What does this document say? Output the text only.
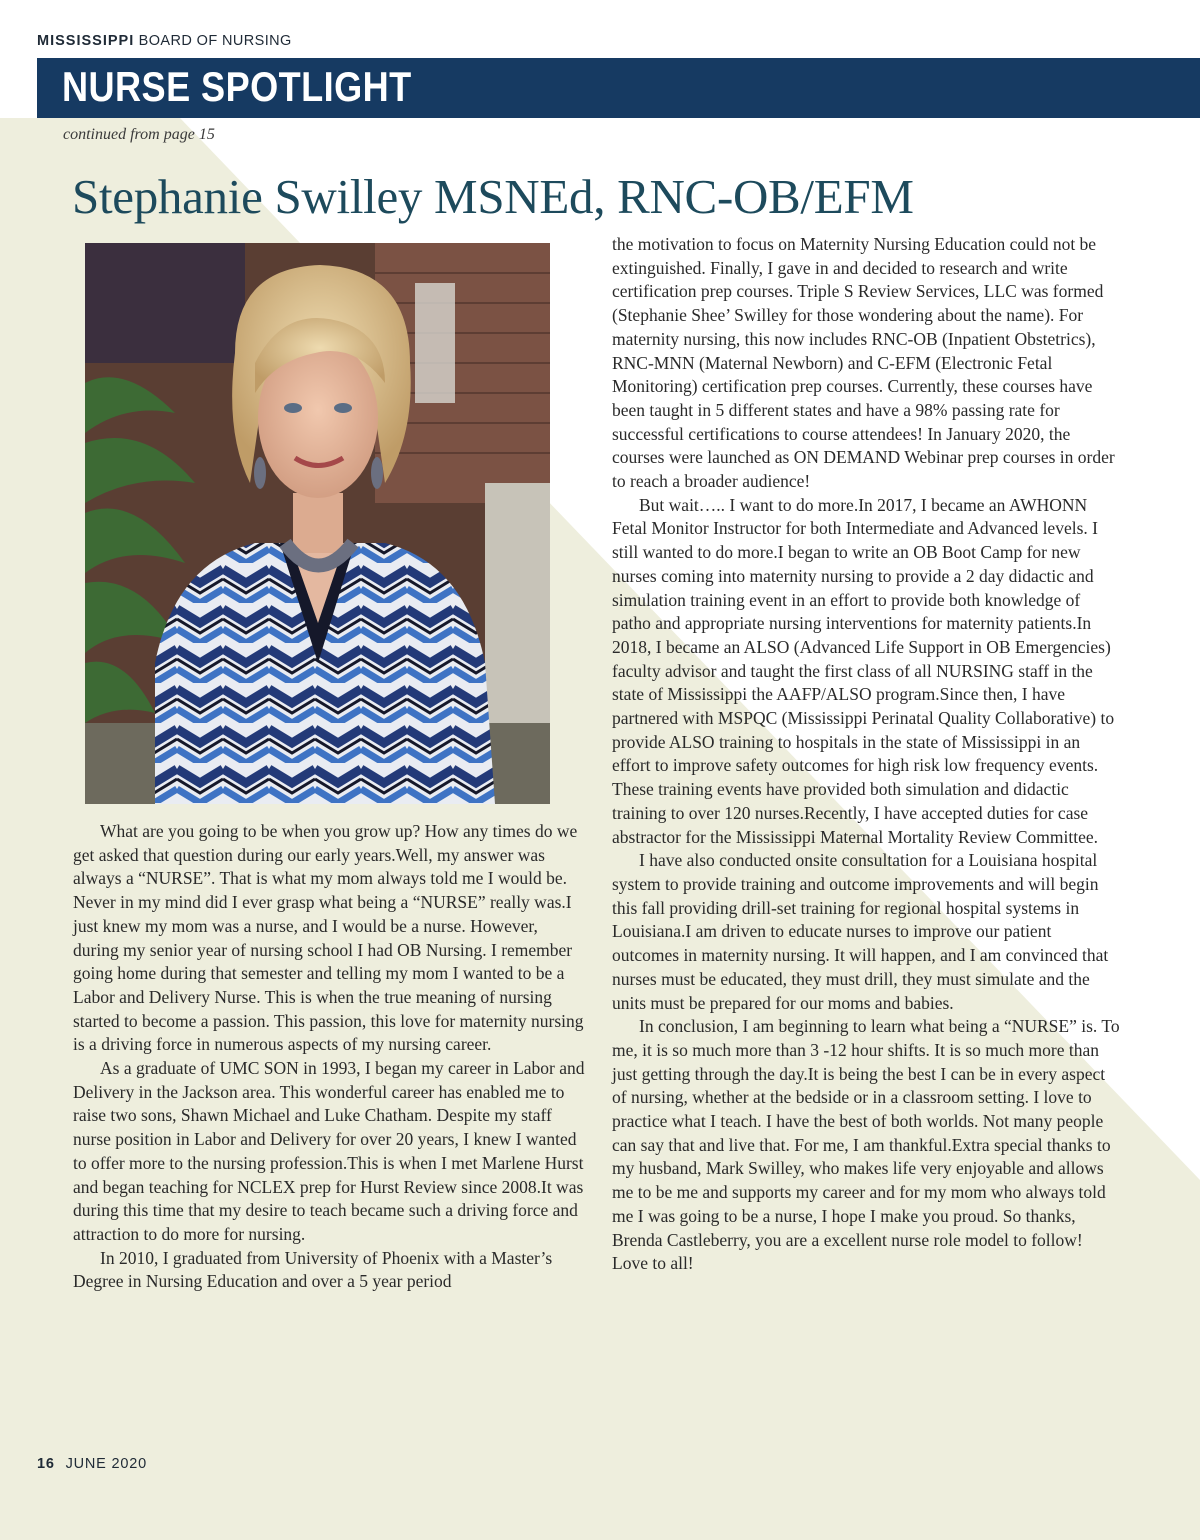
MISSISSIPPI BOARD OF NURSING
NURSE SPOTLIGHT
continued from page 15
Stephanie Swilley MSNEd, RNC-OB/EFM

What are you going to be when you grow up? How any times do we get asked that question during our early years.Well, my answer was always a “NURSE”. That is what my mom always told me I would be. Never in my mind did I ever grasp what being a “NURSE” really was.I just knew my mom was a nurse, and I would be a nurse. However, during my senior year of nursing school I had OB Nursing. I remember going home during that semester and telling my mom I wanted to be a Labor and Delivery Nurse. This is when the true meaning of nursing started to become a passion. This passion, this love for maternity nursing is a driving force in numerous aspects of my nursing career.

As a graduate of UMC SON in 1993, I began my career in Labor and Delivery in the Jackson area. This wonderful career has enabled me to raise two sons, Shawn Michael and Luke Chatham. Despite my staff nurse position in Labor and Delivery for over 20 years, I knew I wanted to offer more to the nursing profession.This is when I met Marlene Hurst and began teaching for NCLEX prep for Hurst Review since 2008.It was during this time that my desire to teach became such a driving force and attraction to do more for nursing.

In 2010, I graduated from University of Phoenix with a Master’s Degree in Nursing Education and over a 5 year period

the motivation to focus on Maternity Nursing Education could not be extinguished. Finally, I gave in and decided to research and write certification prep courses. Triple S Review Services, LLC was formed (Stephanie Shee’ Swilley for those wondering about the name). For maternity nursing, this now includes RNC-OB (Inpatient Obstetrics), RNC-MNN (Maternal Newborn) and C-EFM (Electronic Fetal Monitoring) certification prep courses. Currently, these courses have been taught in 5 different states and have a 98% passing rate for successful certifications to course attendees! In January 2020, the courses were launched as ON DEMAND Webinar prep courses in order to reach a broader audience!

But wait….. I want to do more.In 2017, I became an AWHONN Fetal Monitor Instructor for both Intermediate and Advanced levels. I still wanted to do more.I began to write an OB Boot Camp for new nurses coming into maternity nursing to provide a 2 day didactic and simulation training event in an effort to provide both knowledge of patho and appropriate nursing interventions for maternity patients.In 2018, I became an ALSO (Advanced Life Support in OB Emergencies) faculty advisor and taught the first class of all NURSING staff in the state of Mississippi the AAFP/ALSO program.Since then, I have partnered with MSPQC (Mississippi Perinatal Quality Collaborative) to provide ALSO training to hospitals in the state of Mississippi in an effort to improve safety outcomes for high risk low frequency events. These training events have provided both simulation and didactic training to over 120 nurses.Recently, I have accepted duties for case abstractor for the Mississippi Maternal Mortality Review Committee.

I have also conducted onsite consultation for a Louisiana hospital system to provide training and outcome improvements and will begin this fall providing drill-set training for regional hospital systems in Louisiana.I am driven to educate nurses to improve our patient outcomes in maternity nursing. It will happen, and I am convinced that nurses must be educated, they must drill, they must simulate and the units must be prepared for our moms and babies.

In conclusion, I am beginning to learn what being a “NURSE” is. To me, it is so much more than 3 -12 hour shifts. It is so much more than just getting through the day.It is being the best I can be in every aspect of nursing, whether at the bedside or in a classroom setting. I love to practice what I teach. I have the best of both worlds. Not many people can say that and live that. For me, I am thankful.Extra special thanks to my husband, Mark Swilley, who makes life very enjoyable and allows me to be me and supports my career and for my mom who always told me I was going to be a nurse, I hope I make you proud. So thanks, Brenda Castleberry, you are a excellent nurse role model to follow! Love to all!

16 JUNE 2020
